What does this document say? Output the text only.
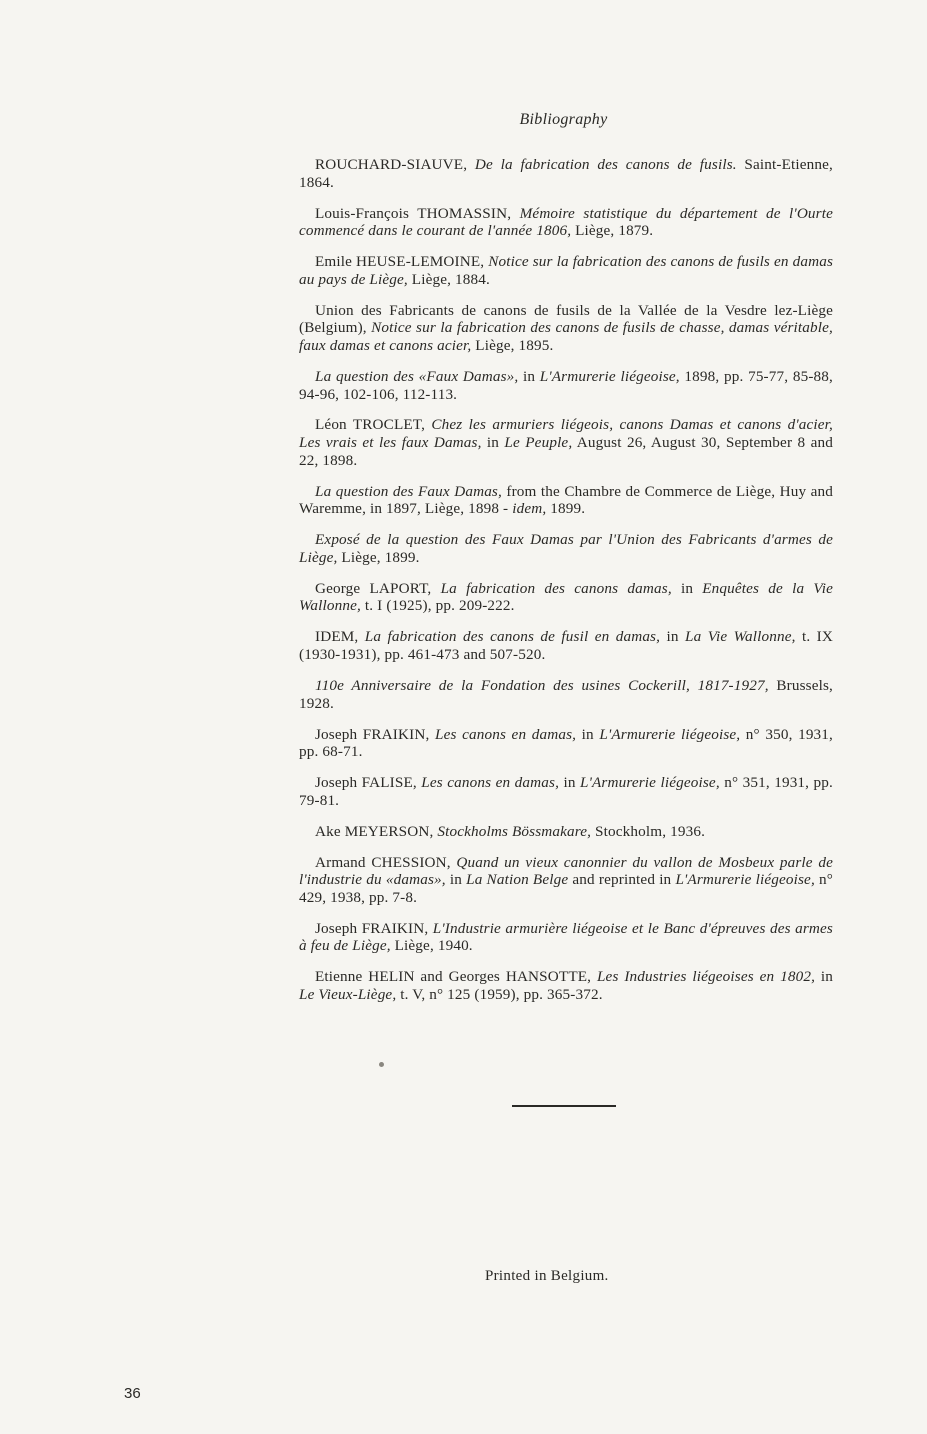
Bibliography

ROUCHARD-SIAUVE, De la fabrication des canons de fusils. Saint-Etienne, 1864.

Louis-François THOMASSIN, Mémoire statistique du département de l'Ourte commencé dans le courant de l'année 1806, Liège, 1879.

Emile HEUSE-LEMOINE, Notice sur la fabrication des canons de fusils en damas au pays de Liège, Liège, 1884.

Union des Fabricants de canons de fusils de la Vallée de la Vesdre lez-Liège (Belgium), Notice sur la fabrication des canons de fusils de chasse, damas véritable, faux damas et canons acier, Liège, 1895.

La question des «Faux Damas», in L'Armurerie liégeoise, 1898, pp. 75-77, 85-88, 94-96, 102-106, 112-113.

Léon TROCLET, Chez les armuriers liégeois, canons Damas et canons d'acier, Les vrais et les faux Damas, in Le Peuple, August 26, August 30, September 8 and 22, 1898.

La question des Faux Damas, from the Chambre de Commerce de Liège, Huy and Waremme, in 1897, Liège, 1898 - idem, 1899.

Exposé de la question des Faux Damas par l'Union des Fabricants d'armes de Liège, Liège, 1899.

George LAPORT, La fabrication des canons damas, in Enquêtes de la Vie Wallonne, t. I (1925), pp. 209-222.

IDEM, La fabrication des canons de fusil en damas, in La Vie Wallonne, t. IX (1930-1931), pp. 461-473 and 507-520.

110e Anniversaire de la Fondation des usines Cockerill, 1817-1927, Brussels, 1928.

Joseph FRAIKIN, Les canons en damas, in L'Armurerie liégeoise, n° 350, 1931, pp. 68-71.

Joseph FALISE, Les canons en damas, in L'Armurerie liégeoise, n° 351, 1931, pp. 79-81.

Ake MEYERSON, Stockholms Bössmakare, Stockholm, 1936.

Armand CHESSION, Quand un vieux canonnier du vallon de Mosbeux parle de l'industrie du «damas», in La Nation Belge and reprinted in L'Armurerie liégeoise, n° 429, 1938, pp. 7-8.

Joseph FRAIKIN, L'Industrie armurière liégeoise et le Banc d'épreuves des armes à feu de Liège, Liège, 1940.

Etienne HELIN and Georges HANSOTTE, Les Industries liégeoises en 1802, in Le Vieux-Liège, t. V, n° 125 (1959), pp. 365-372.

Printed in Belgium.
36
